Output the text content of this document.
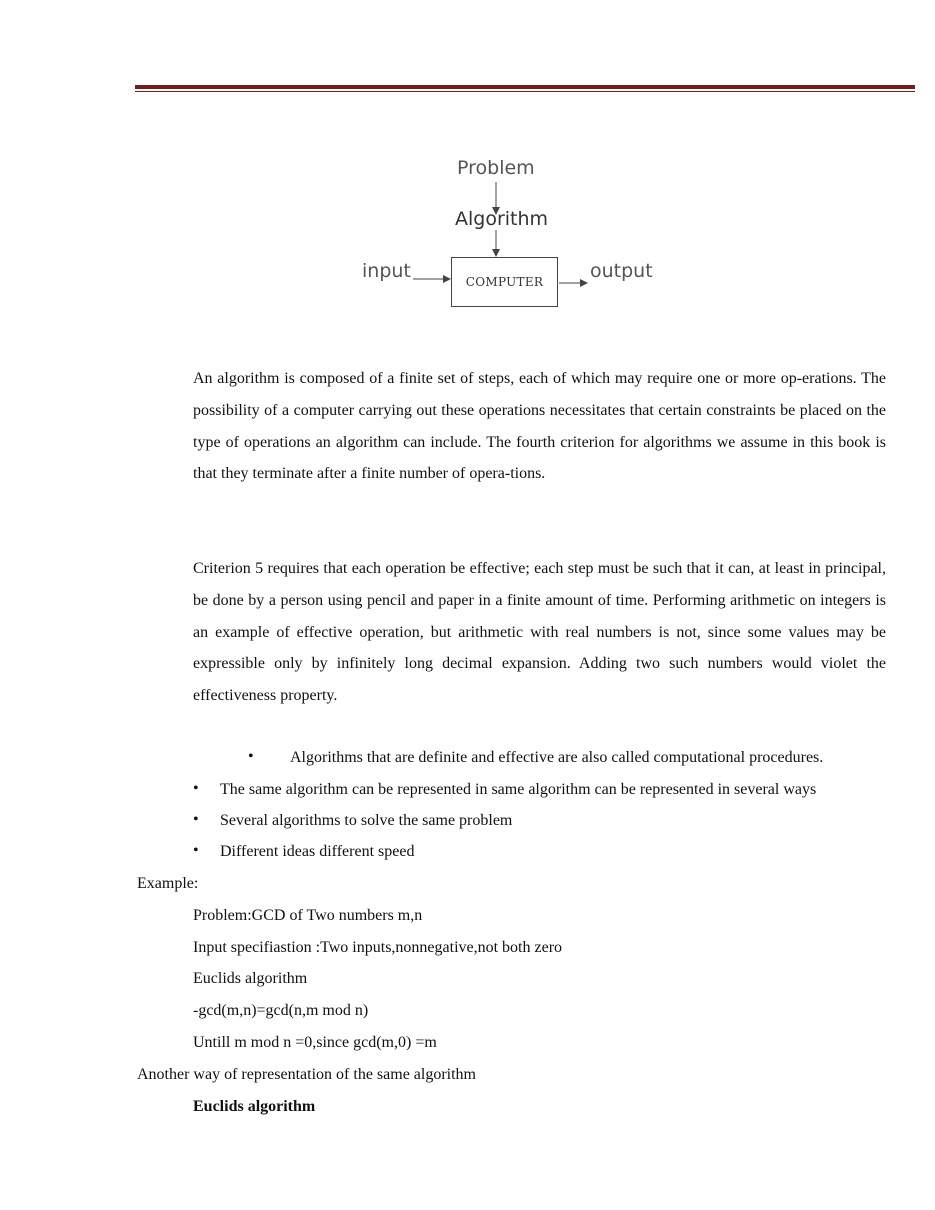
Problem
Algorithm
input	COMPUTER	output

An algorithm is composed of a finite set of steps, each of which may require one or more op-erations. The possibility of a computer carrying out these operations necessitates that certain constraints be placed on the type of operations an algorithm can include. The fourth criterion for algorithms we assume in this book is that they terminate after a finite number of opera-tions.

Criterion 5 requires that each operation be effective; each step must be such that it can, at least in principal, be done by a person using pencil and paper in a finite amount of time. Performing arithmetic on integers is an example of effective operation, but arithmetic with real numbers is not, since some values may be expressible only by infinitely long decimal expansion. Adding two such numbers would violet the effectiveness property.

• Algorithms that are definite and effective are also called computational procedures.
• The same algorithm can be represented in same algorithm can be represented in several ways
• Several algorithms to solve the same problem
• Different ideas different speed
Example:
Problem:GCD of Two numbers m,n
Input specifiastion :Two inputs,nonnegative,not both zero
Euclids algorithm
-gcd(m,n)=gcd(n,m mod n)
Untill m mod n =0,since gcd(m,0) =m
Another way of representation of the same algorithm
Euclids algorithm
